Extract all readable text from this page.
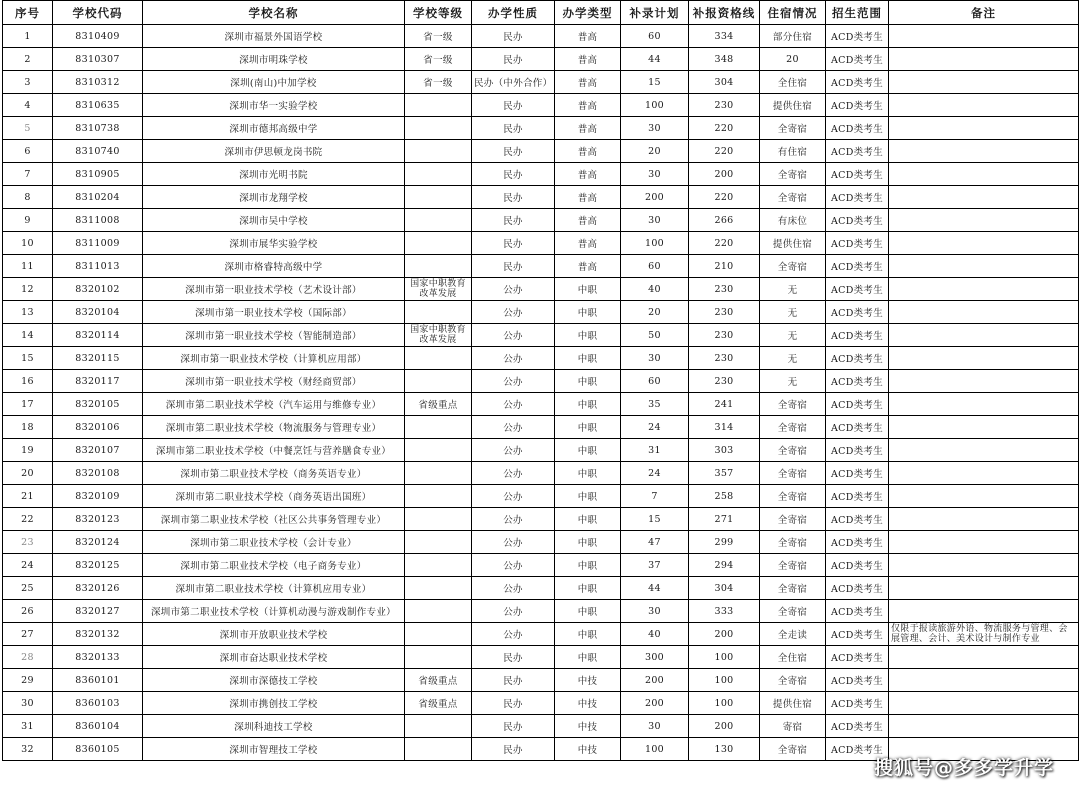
序号	学校代码	学校名称	学校等级	办学性质	办学类型	补录计划	补报资格线	住宿情况	招生范围	备注
1	8310409	深圳市福景外国语学校	省一级	民办	普高	60	334	部分住宿	ACD类考生	
2	8310307	深圳市明珠学校	省一级	民办	普高	44	348	20	ACD类考生	
3	8310312	深圳(南山)中加学校	省一级	民办（中外合作）	普高	15	304	全住宿	ACD类考生	
4	8310635	深圳市华一实验学校		民办	普高	100	230	提供住宿	ACD类考生	
5	8310738	深圳市德邦高级中学		民办	普高	30	220	全寄宿	ACD类考生	
6	8310740	深圳市伊思顿龙岗书院		民办	普高	20	220	有住宿	ACD类考生	
7	8310905	深圳市光明书院		民办	普高	30	200	全寄宿	ACD类考生	
8	8310204	深圳市龙翔学校		民办	普高	200	220	全寄宿	ACD类考生	
9	8311008	深圳市吴中学校		民办	普高	30	266	有床位	ACD类考生	
10	8311009	深圳市展华实验学校		民办	普高	100	220	提供住宿	ACD类考生	
11	8311013	深圳市格睿特高级中学		民办	普高	60	210	全寄宿	ACD类考生	
12	8320102	深圳市第一职业技术学校（艺术设计部）	国家中职教育改革发展	公办	中职	40	230	无	ACD类考生	
13	8320104	深圳市第一职业技术学校（国际部）		公办	中职	20	230	无	ACD类考生	
14	8320114	深圳市第一职业技术学校（智能制造部）	国家中职教育改革发展	公办	中职	50	230	无	ACD类考生	
15	8320115	深圳市第一职业技术学校（计算机应用部）		公办	中职	30	230	无	ACD类考生	
16	8320117	深圳市第一职业技术学校（财经商贸部）		公办	中职	60	230	无	ACD类考生	
17	8320105	深圳市第二职业技术学校（汽车运用与维修专业）	省级重点	公办	中职	35	241	全寄宿	ACD类考生	
18	8320106	深圳市第二职业技术学校（物流服务与管理专业）		公办	中职	24	314	全寄宿	ACD类考生	
19	8320107	深圳市第二职业技术学校（中餐烹饪与营养膳食专业）		公办	中职	31	303	全寄宿	ACD类考生	
20	8320108	深圳市第二职业技术学校（商务英语专业）		公办	中职	24	357	全寄宿	ACD类考生	
21	8320109	深圳市第二职业技术学校（商务英语出国班）		公办	中职	7	258	全寄宿	ACD类考生	
22	8320123	深圳市第二职业技术学校（社区公共事务管理专业）		公办	中职	15	271	全寄宿	ACD类考生	
23	8320124	深圳市第二职业技术学校（会计专业）		公办	中职	47	299	全寄宿	ACD类考生	
24	8320125	深圳市第二职业技术学校（电子商务专业）		公办	中职	37	294	全寄宿	ACD类考生	
25	8320126	深圳市第二职业技术学校（计算机应用专业）		公办	中职	44	304	全寄宿	ACD类考生	
26	8320127	深圳市第二职业技术学校（计算机动漫与游戏制作专业）		公办	中职	30	333	全寄宿	ACD类考生	
27	8320132	深圳市开放职业技术学校		公办	中职	40	200	全走读	ACD类考生	仅限于报读旅游外语、物流服务与管理、会展管理、会计、美术设计与制作专业
28	8320133	深圳市奋达职业技术学校		民办	中职	300	100	全住宿	ACD类考生	
29	8360101	深圳市深德技工学校	省级重点	民办	中技	200	100	全寄宿	ACD类考生	
30	8360103	深圳市携创技工学校	省级重点	民办	中技	200	100	提供住宿	ACD类考生	
31	8360104	深圳科迪技工学校		民办	中技	30	200	寄宿	ACD类考生	
32	8360105	深圳市智理技工学校		民办	中技	100	130	全寄宿	ACD类考生	
搜狐号@多多学升学
